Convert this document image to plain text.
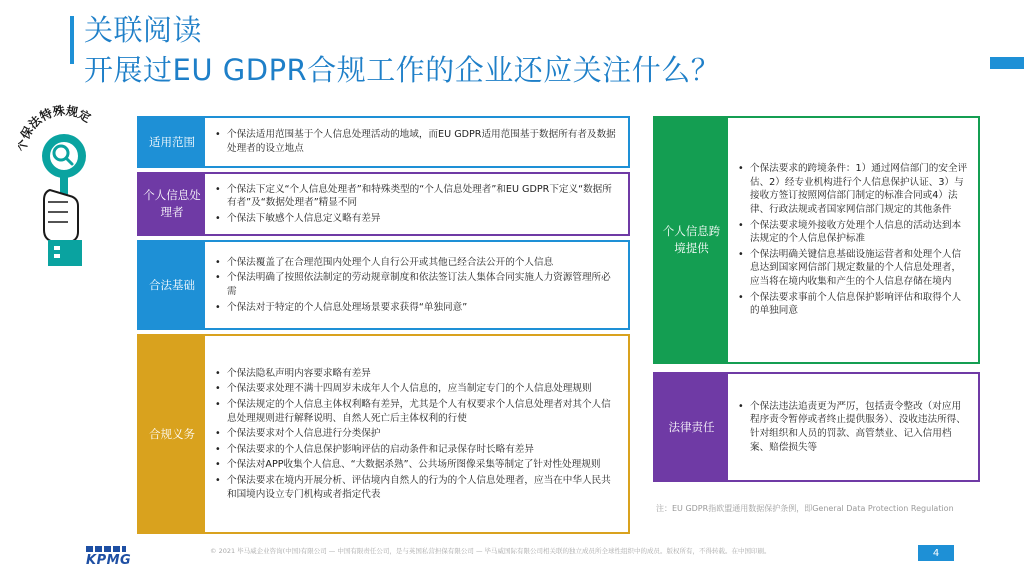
关联阅读
开展过EU GDPR合规工作的企业还应关注什么？
保法特殊规定
适用范围
•	个保法适用范围基于个人信息处理活动的地域，而EU GDPR适用范围基于数据所有者及数据处理者的设立地点
个人信息处理者
• 个保法下定义“个人信息处理者”和特殊类型的“个人信息处理者”和EU GDPR下定义“数据所有者”及“数据处理者”精显不同
• 个保法下敏感个人信息定义略有差异
合法基础
• 个保法覆盖了在合理范围内处理个人自行公开或其他已经合法公开的个人信息
• 个保法明确了按照依法制定的劳动规章制度和依法签订法人集体合同实施人力资源管理所必需
• 个保法对于特定的个人信息处理场景要求获得“单独同意”
合规义务
• 个保法隐私声明内容要求略有差异
• 个保法要求处理不满十四周岁未成年人个人信息的，应当制定专门的个人信息处理规则
• 个保法规定的个人信息主体权利略有差异，尤其是个人有权要求个人信息处理者对其个人信息处理规则进行解释说明、自然人死亡后主体权利的行使
• 个保法要求对个人信息进行分类保护
• 个保法要求的个人信息保护影响评估的启动条件和记录保存时长略有差异
• 个保法对APP收集个人信息、“大数据杀熟”、公共场所图像采集等制定了针对性处理规则
• 个保法要求在境内开展分析、评估境内自然人的行为的个人信息处理者，应当在中华人民共和国境内设立专门机构或者指定代表
个人信息跨境提供
• 个保法要求的跨境条件：1）通过网信部门的安全评估、2）经专业机构进行个人信息保护认证、3）与接收方签订按照网信部门制定的标准合同或4）法律、行政法规或者国家网信部门规定的其他条件
• 个保法要求境外接收方处理个人信息的活动达到本法规定的个人信息保护标准
• 个保法明确关键信息基础设施运营者和处理个人信息达到国家网信部门规定数量的个人信息处理者，应当将在境内收集和产生的个人信息存储在境内
• 个保法要求事前个人信息保护影响评估和取得个人的单独同意
法律责任
• 个保法违法追责更为严厉，包括责令整改（对应用程序责令暂停或者终止提供服务）、没收违法所得、针对组织和人员的罚款、高管禁业、记入信用档案、赔偿损失等
注：EU GDPR指欧盟通用数据保护条例，即General Data Protection Regulation
KPMG
© 2021 毕马威企业咨询(中国)有限公司 — 中国有限责任公司，是与英国私营担保有限公司 — 毕马威国际有限公司相关联的独立成员所全球性组织中的成员。版权所有，不得转载。在中国印刷。	4
